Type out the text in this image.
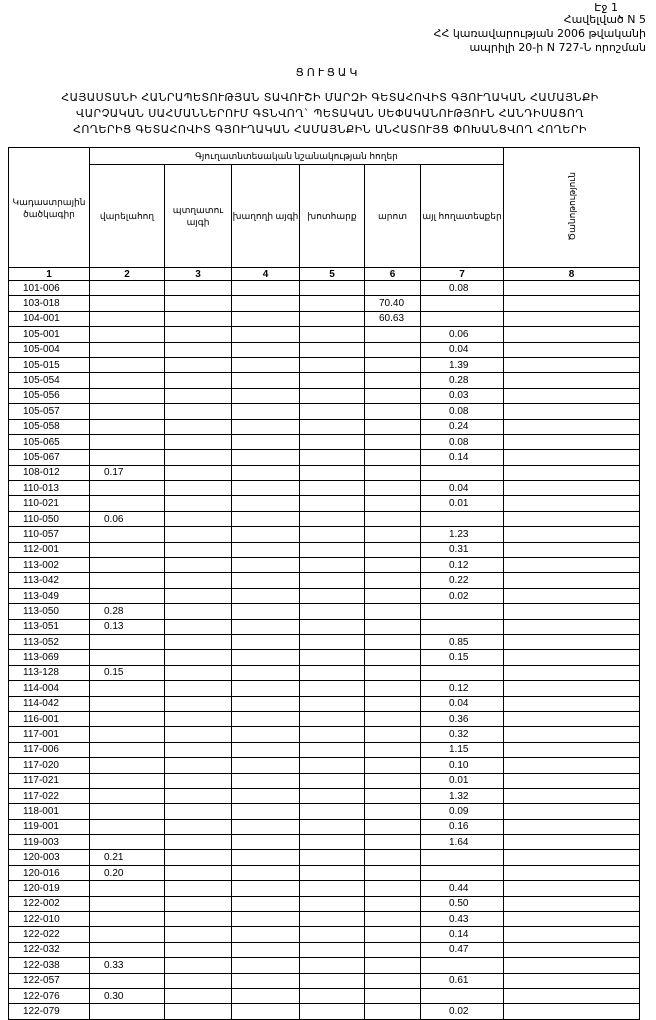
Էջ 1
Հավելված N 5
ՀՀ կառավարության 2006 թվականի
ապրիլի 20-ի N 727-Ն որոշման
ՑՈՒՑԱԿ
ՀԱՅԱՍՏԱՆԻ ՀԱՆՐԱՊԵՏՈՒԹՅԱՆ ՏԱՎՈՒՇԻ ՄԱՐԶԻ ԳԵՏԱՀՈՎԻՏ ԳՅՈՒՂԱԿԱՆ ՀԱՄԱՅՆՔԻ
ՎԱՐՉԱԿԱՆ ՍԱՀՄԱՆՆԵՐՈՒՄ ԳՏՆՎՈՂ` ՊԵՏԱԿԱՆ ՍԵՓԱԿԱՆՈՒԹՅՈՒՆ ՀԱՆԴԻՍԱՑՈՂ
ՀՈՂԵՐԻՑ ԳԵՏԱՀՈՎԻՏ ԳՅՈՒՂԱԿԱՆ ՀԱՄԱՅՆՔԻՆ ԱՆՀԱՏՈՒՅՑ ՓՈԽԱՆՑՎՈՂ ՀՈՂԵՐԻ
Կադաստրային ծածկագիր	Գյուղատնտեսական նշանակության հողեր						Ծանոթություն
	վարելահող	պտղատու այգի	խաղողի այգի	խոտհարք	արոտ	այլ հողատեսքեր	
1	2	3	4	5	6	7	8
101-006						0.08	
103-018					70.40		
104-001					60.63		
105-001						0.06	
105-004						0.04	
105-015						1.39	
105-054						0.28	
105-056						0.03	
105-057						0.08	
105-058						0.24	
105-065						0.08	
105-067						0.14	
108-012	0.17						
110-013						0.04	
110-021						0.01	
110-050	0.06						
110-057						1.23	
112-001						0.31	
113-002						0.12	
113-042						0.22	
113-049						0.02	
113-050	0.28						
113-051	0.13						
113-052						0.85	
113-069						0.15	
113-128	0.15						
114-004						0.12	
114-042						0.04	
116-001						0.36	
117-001						0.32	
117-006						1.15	
117-020						0.10	
117-021						0.01	
117-022						1.32	
118-001						0.09	
119-001						0.16	
119-003						1.64	
120-003	0.21						
120-016	0.20						
120-019						0.44	
122-002						0.50	
122-010						0.43	
122-022						0.14	
122-032						0.47	
122-038	0.33						
122-057						0.61	
122-076	0.30						
122-079						0.02	
